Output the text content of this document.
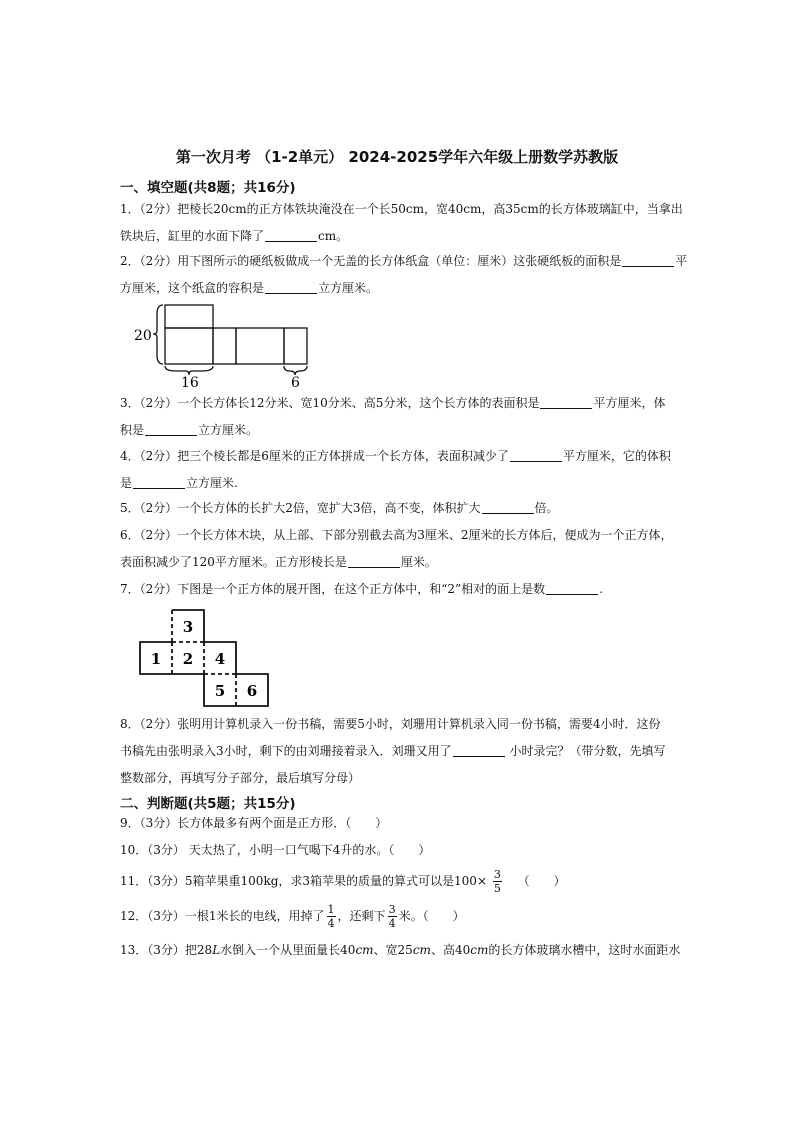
第一次月考 （1-2单元） 2024-2025学年六年级上册数学苏教版
一、填空题(共8题；共16分)
1．（2分）把棱长20cm的正方体铁块淹没在一个长50cm，宽40cm，高35cm的长方体玻璃缸中，当拿出
铁块后，缸里的水面下降了	cm。
2．（2分）用下图所示的硬纸板做成一个无盖的长方体纸盒（单位：厘米）这张硬纸板的面积是	平
方厘米，这个纸盒的容积是	立方厘米。
20
16	6
3．（2分）一个长方体长12分米、宽10分米、高5分米，这个长方体的表面积是	平方厘米，体
积是	立方厘米。
4．（2分）把三个棱长都是6厘米的正方体拼成一个长方体，表面积减少了	平方厘米，它的体积
是	立方厘米.
5．（2分）一个长方体的长扩大2倍，宽扩大3倍，高不变，体积扩大	倍。
6．（2分）一个长方体木块，从上部、下部分别截去高为3厘米、2厘米的长方体后，便成为一个正方体，
表面积减少了120平方厘米。正方形棱长是	厘米。
7．（2分）下图是一个正方体的展开图，在这个正方体中，和“2”相对的面上是数	.
3
1 2 4
5 6
8．（2分）张明用计算机录入一份书稿，需要5小时，刘珊用计算机录入同一份书稿，需要4小时．这份
书稿先由张明录入3小时，剩下的由刘珊接着录入．刘珊又用了	小时录完？（带分数，先填写
整数部分，再填写分子部分，最后填写分母）
二、判断题(共5题；共15分)
9．（3分）长方体最多有两个面是正方形．（　　）
10．（3分） 天太热了，小明一口气喝下4升的水。（　　）
11．（3分）5箱苹果重100kg，求3箱苹果的质量的算式可以是$100\times \frac{3}{5}$ （　　）
12．（3分）一根1米长的电线，用掉了 $\frac{1}{4}$ ，还剩下 $\frac{3}{4}$ 米。（　　）
13．（3分）把28L水倒入一个从里面量长40cm、宽25cm、高40cm的长方体玻璃水槽中，这时水面距水
